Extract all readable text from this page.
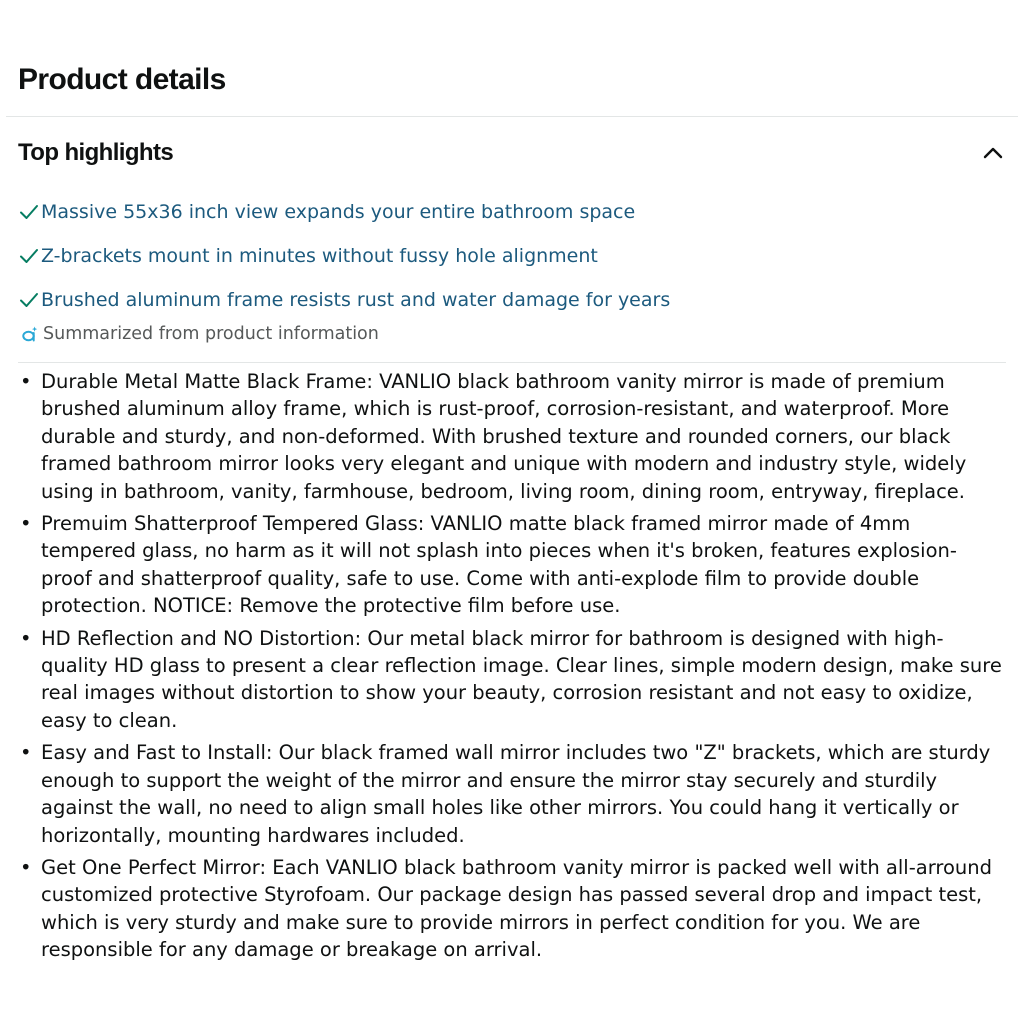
Product details
Top highlights
Massive 55x36 inch view expands your entire bathroom space
Z-brackets mount in minutes without fussy hole alignment
Brushed aluminum frame resists rust and water damage for years
Summarized from product information
• Durable Metal Matte Black Frame: VANLIO black bathroom vanity mirror is made of premium brushed aluminum alloy frame, which is rust-proof, corrosion-resistant, and waterproof. More durable and sturdy, and non-deformed. With brushed texture and rounded corners, our black framed bathroom mirror looks very elegant and unique with modern and industry style, widely using in bathroom, vanity, farmhouse, bedroom, living room, dining room, entryway, fireplace.
• Premuim Shatterproof Tempered Glass: VANLIO matte black framed mirror made of 4mm tempered glass, no harm as it will not splash into pieces when it's broken, features explosion-proof and shatterproof quality, safe to use. Come with anti-explode film to provide double protection. NOTICE: Remove the protective film before use.
• HD Reflection and NO Distortion: Our metal black mirror for bathroom is designed with high-quality HD glass to present a clear reflection image. Clear lines, simple modern design, make sure real images without distortion to show your beauty, corrosion resistant and not easy to oxidize, easy to clean.
• Easy and Fast to Install: Our black framed wall mirror includes two "Z" brackets, which are sturdy enough to support the weight of the mirror and ensure the mirror stay securely and sturdily against the wall, no need to align small holes like other mirrors. You could hang it vertically or horizontally, mounting hardwares included.
• Get One Perfect Mirror: Each VANLIO black bathroom vanity mirror is packed well with all-arround customized protective Styrofoam. Our package design has passed several drop and impact test, which is very sturdy and make sure to provide mirrors in perfect condition for you. We are responsible for any damage or breakage on arrival.
